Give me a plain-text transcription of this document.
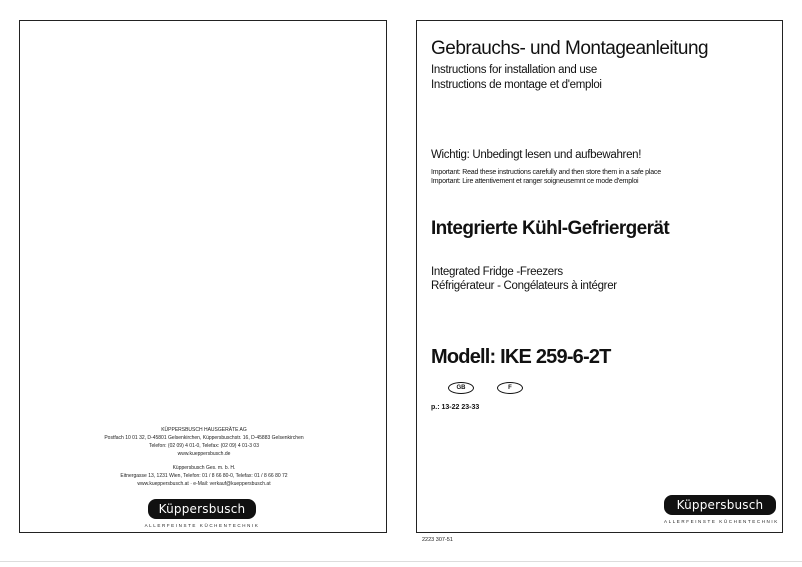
KÜPPERSBUSCH HAUSGERÄTE AG
Postfach 10 01 32, D-45801 Gelsenkirchen, Küppersbuschstr. 16, D-45883 Gelsenkirchen
Telefon: (02 09) 4 01-0, Telefax: (02 09) 4 01-3 03
www.kueppersbusch.de
Küppersbusch Ges. m. b. H.
Eitnergasse 13, 1231 Wien, Telefon: 01 / 8 66 80-0, Telefax: 01 / 8 66 80 72
www.kueppersbusch.at · e-Mail: verkauf@kueppersbusch.at
Küppersbusch
ALLERFEINSTE KÜCHENTECHNIK
Gebrauchs- und Montageanleitung
Instructions for installation and use
Instructions de montage et d'emploi
Wichtig: Unbedingt lesen und aufbewahren!
Important: Read these instructions carefully and then store them in a safe place
Important: Lire attentivement et ranger soigneusemnt ce mode d'emploi
Integrierte Kühl-Gefriergerät
Integrated Fridge -Freezers
Réfrigérateur - Congélateurs à intégrer
Modell: IKE 259-6-2T
GB	F
p.: 13-22 23-33
Küppersbusch
ALLERFEINSTE KÜCHENTECHNIK
2223 307-51
